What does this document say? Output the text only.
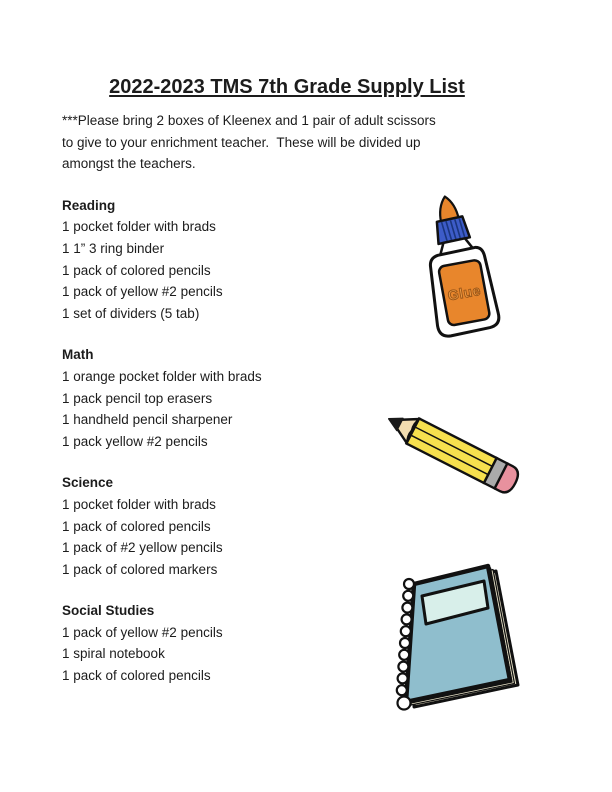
2022-2023 TMS 7th Grade Supply List
***Please bring 2 boxes of Kleenex and 1 pair of adult scissors
to give to your enrichment teacher.  These will be divided up
amongst the teachers.
Reading
1 pocket folder with brads
1 1” 3 ring binder
1 pack of colored pencils
1 pack of yellow #2 pencils
1 set of dividers (5 tab)
Math
1 orange pocket folder with brads
1 pack pencil top erasers
1 handheld pencil sharpener
1 pack yellow #2 pencils
Science
1 pocket folder with brads
1 pack of colored pencils
1 pack of #2 yellow pencils
1 pack of colored markers
Social Studies
1 pack of yellow #2 pencils
1 spiral notebook
1 pack of colored pencils
Glue
